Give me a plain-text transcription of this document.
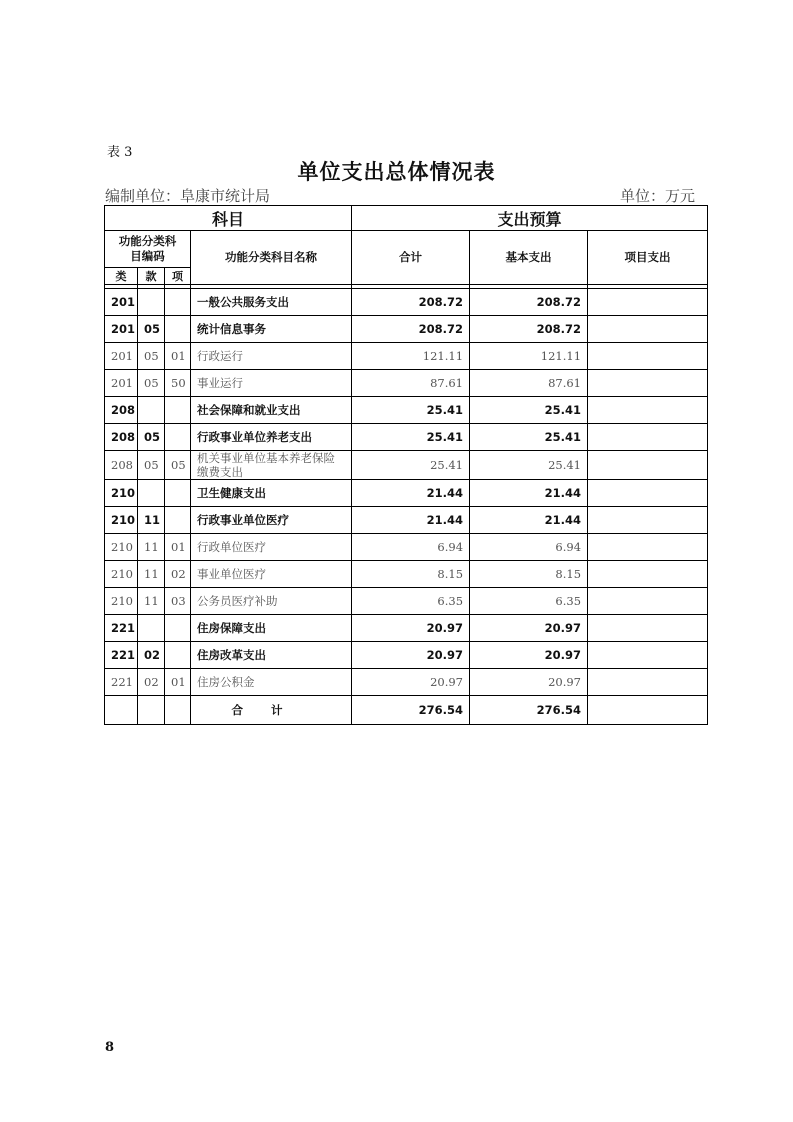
表 3
单位支出总体情况表
编制单位：阜康市统计局	单位：万元
科目				支出预算		
功能分类科目编码			功能分类科目名称	合计	基本支出	项目支出
类	款	项				

201			一般公共服务支出	208.72	208.72	
201	05		统计信息事务	208.72	208.72	
201	05	01	行政运行	121.11	121.11	
201	05	50	事业运行	87.61	87.61	
208			社会保障和就业支出	25.41	25.41	
208	05		行政事业单位养老支出	25.41	25.41	
208	05	05	机关事业单位基本养老保险缴费支出	25.41	25.41	
210			卫生健康支出	21.44	21.44	
210	11		行政事业单位医疗	21.44	21.44	
210	11	01	行政单位医疗	6.94	6.94	
210	11	02	事业单位医疗	8.15	8.15	
210	11	03	公务员医疗补助	6.35	6.35	
221			住房保障支出	20.97	20.97	
221	02		住房改革支出	20.97	20.97	
221	02	01	住房公积金	20.97	20.97	
			合计	276.54	276.54	
8
